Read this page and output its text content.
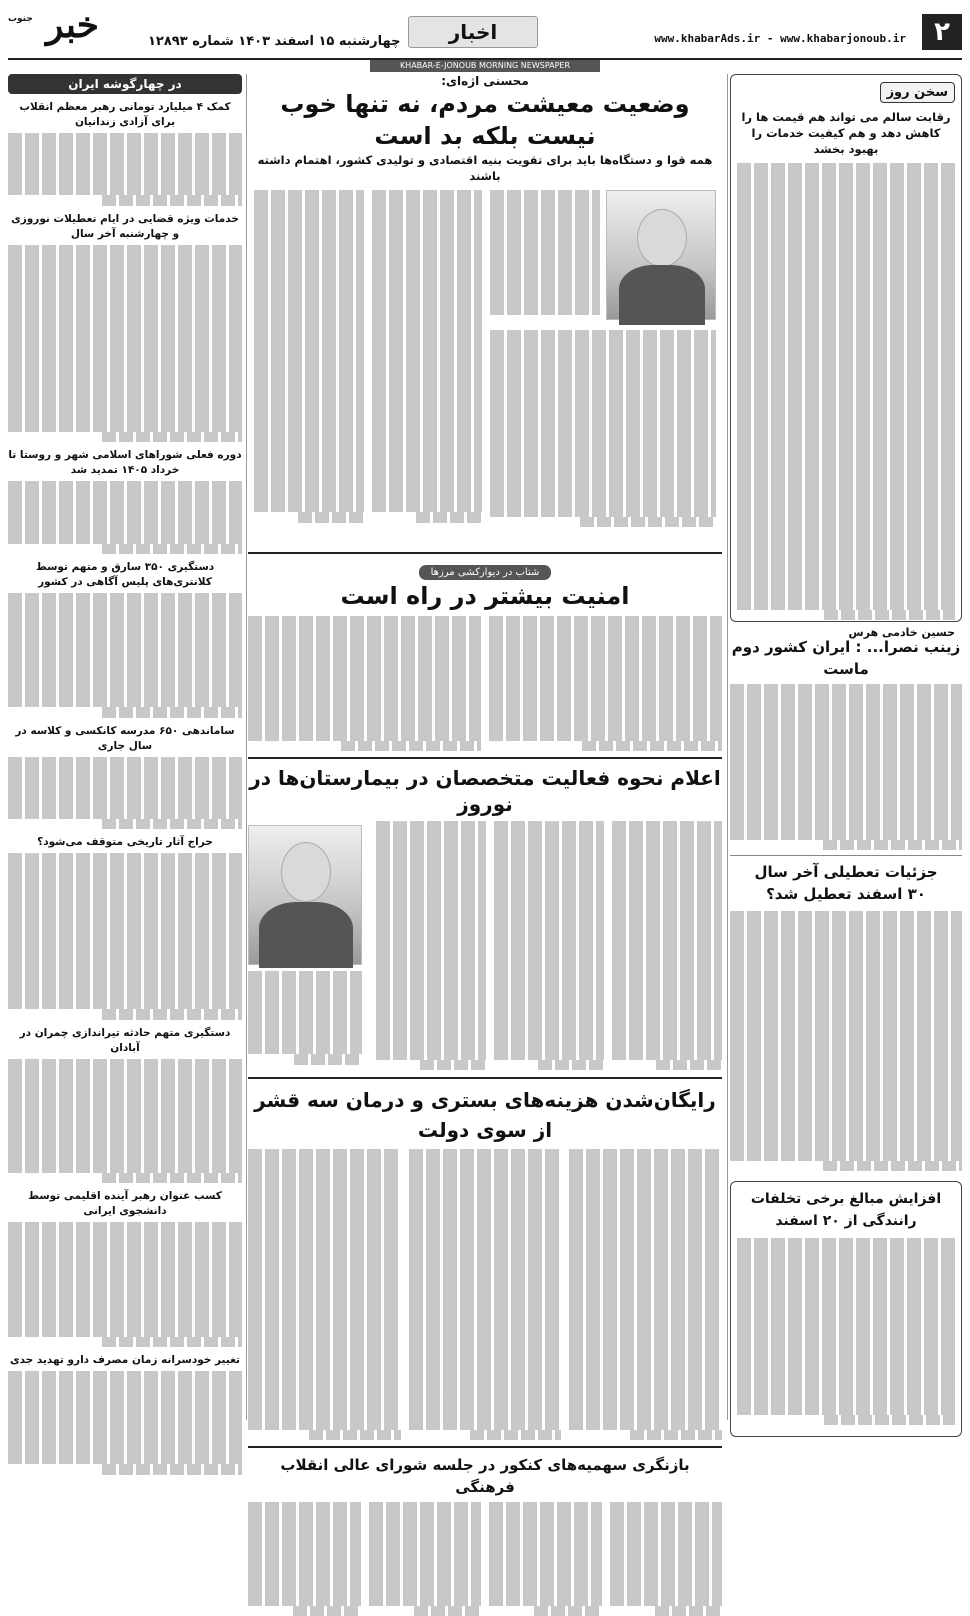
۲
www.khabarAds.ir - www.khabarjonoub.ir
اخبار
چهارشنبه ۱۵ اسفند ۱۴۰۳ شماره ۱۲۸۹۳
خبر
جنوب
KHABAR-E-JONOUB MORNING NEWSPAPER
سخن روز
رقابت سالم می تواند هم قیمت ها را کاهش دهد و هم کیفیت خدمات را بهبود بخشد
حسین خادمی هرس
زینب نصرا... : ایران کشور دوم ماست
جزئیات تعطیلی آخر سال ۳۰ اسفند تعطیل شد؟
افزایش مبالغ برخی تخلفات رانندگی از ۲۰ اسفند
محسنی اژه‌ای:
وضعیت معیشت مردم، نه تنها خوب نیست بلکه بد است
همه قوا و دستگاه‌ها باید برای تقویت بنیه اقتصادی و تولیدی کشور، اهتمام داشته باشند
شتاب در دیوارکشی مرزها
امنیت بیشتر در راه است
اعلام نحوه فعالیت متخصصان در بیمارستان‌ها در نوروز
رایگان‌شدن هزینه‌های بستری و درمان سه قشر از سوی دولت
بازنگری سهمیه‌های کنکور در جلسه شورای عالی انقلاب فرهنگی
در چهارگوشه ایران
کمک ۴ میلیارد تومانی رهبر معظم انقلاب برای آزادی زندانیان
خدمات ویژه قضایی در ایام تعطیلات نوروزی و چهارشنبه آخر سال
دوره فعلی شوراهای اسلامی شهر و روستا تا خرداد ۱۴۰۵ تمدید شد
دستگیری ۳۵۰ سارق و متهم توسط کلانتری‌های پلیس آگاهی در کشور
ساماندهی ۶۵۰ مدرسه کانکسی و کلاسه در سال جاری
حراج آثار تاریخی متوقف می‌شود؟
دستگیری متهم حادثه تیراندازی چمران در آبادان
کسب عنوان رهبر آینده اقلیمی توسط دانشجوی ایرانی
تغییر خودسرانه زمان مصرف دارو تهدید جدی
